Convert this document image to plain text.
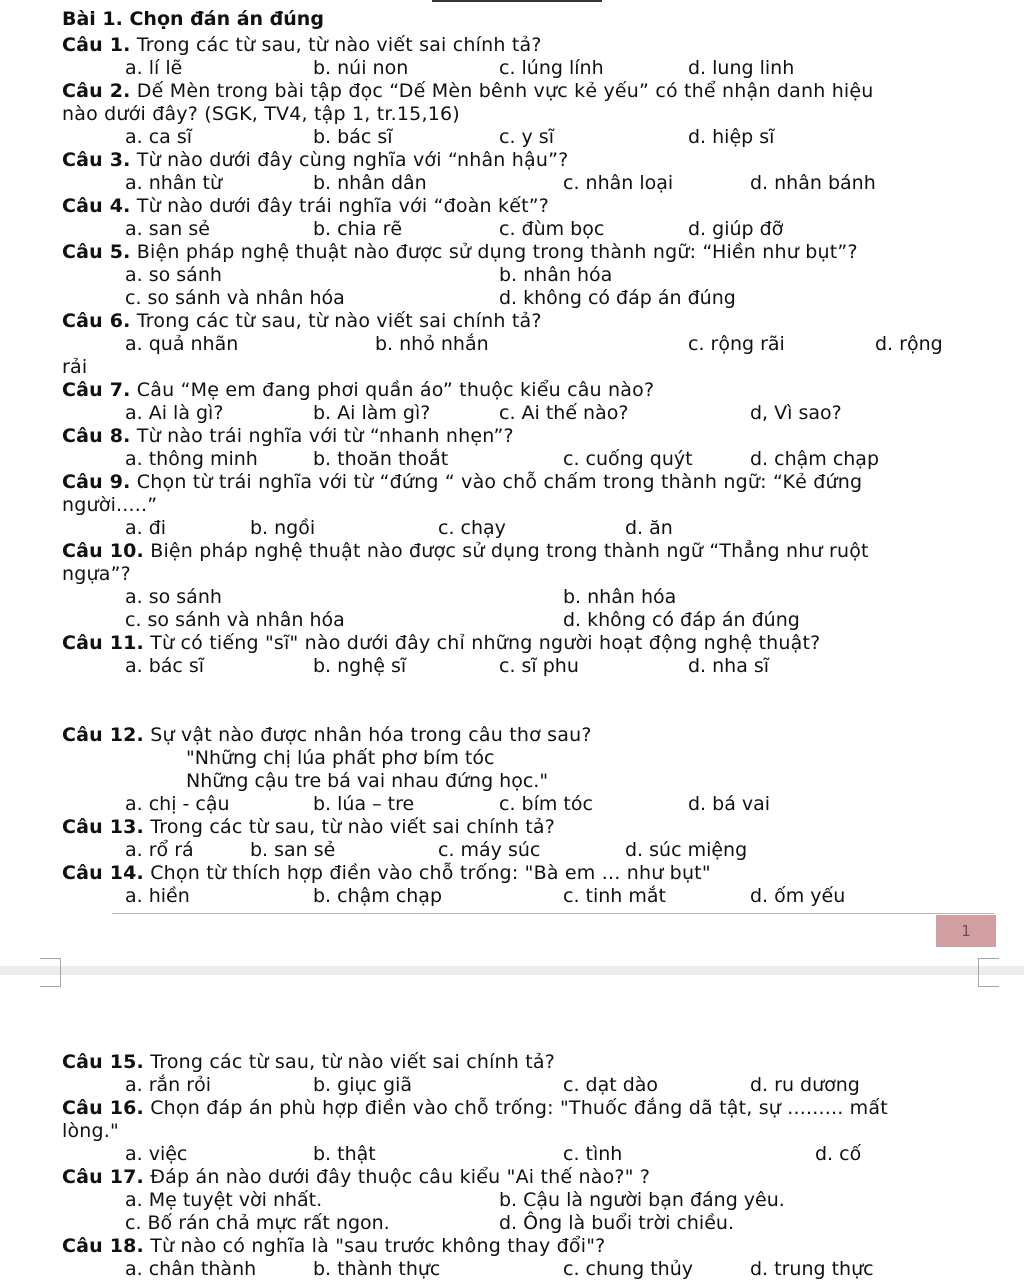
Bài 1. Chọn đán án đúng
Câu 1. Trong các từ sau, từ nào viết sai chính tả?
a. lí lẽ	b. núi non	c. lúng lính	d. lung linh
Câu 2. Dế Mèn trong bài tập đọc “Dế Mèn bênh vực kẻ yếu” có thể nhận danh hiệu
nào dưới đây? (SGK, TV4, tập 1, tr.15,16)
a. ca sĩ	b. bác sĩ	c. y sĩ	d. hiệp sĩ
Câu 3. Từ nào dưới đây cùng nghĩa với “nhân hậu”?
a. nhân từ	b. nhân dân	c. nhân loại	d. nhân bánh
Câu 4. Từ nào dưới đây trái nghĩa với “đoàn kết”?
a. san sẻ	b. chia rẽ	c. đùm bọc	d. giúp đỡ
Câu 5. Biện pháp nghệ thuật nào được sử dụng trong thành ngữ: “Hiền như bụt”?
a. so sánh	b. nhân hóa
c. so sánh và nhân hóa	d. không có đáp án đúng
Câu 6. Trong các từ sau, từ nào viết sai chính tả?
rải
a. quả nhãn	b. nhỏ nhắn	c. rộng rãi	d. rộng
Câu 7. Câu “Mẹ em đang phơi quần áo” thuộc kiểu câu nào?
a. Ai là gì?	b. Ai làm gì?	c. Ai thế nào?	d, Vì sao?
Câu 8. Từ nào trái nghĩa với từ “nhanh nhẹn”?
a. thông minh	b. thoăn thoắt	c. cuống quýt	d. chậm chạp
Câu 9. Chọn từ trái nghĩa với từ “đứng “ vào chỗ chấm trong thành ngữ: “Kẻ đứng
người.....”
a. đi	b. ngồi	c. chạy	d. ăn
Câu 10. Biện pháp nghệ thuật nào được sử dụng trong thành ngữ “Thẳng như ruột
ngựa”?
a. so sánh	b. nhân hóa
c. so sánh và nhân hóa	d. không có đáp án đúng
Câu 11. Từ có tiếng "sĩ" nào dưới đây chỉ những người hoạt động nghệ thuật?
a. bác sĩ	b. nghệ sĩ	c. sĩ phu	d. nha sĩ
Câu 12. Sự vật nào được nhân hóa trong câu thơ sau?
"Những chị lúa phất phơ bím tóc
Những cậu tre bá vai nhau đứng học."
a. chị - cậu	b. lúa – tre	c. bím tóc	d. bá vai
Câu 13. Trong các từ sau, từ nào viết sai chính tả?
a. rổ rá	b. san sẻ	c. máy súc	d. súc miệng
Câu 14. Chọn từ thích hợp điền vào chỗ trống: "Bà em ... như bụt"
a. hiền	b. chậm chạp	c. tinh mắt	d. ốm yếu
Câu 15. Trong các từ sau, từ nào viết sai chính tả?
a. rắn rỏi	b. giục giã	c. dạt dào	d. ru dương
Câu 16. Chọn đáp án phù hợp điền vào chỗ trống: "Thuốc đắng dã tật, sự ......... mất
lòng."
a. việc	b. thật	c. tình	d. cố
Câu 17. Đáp án nào dưới đây thuộc câu kiểu "Ai thế nào?" ?
a. Mẹ tuyệt vời nhất.	b. Cậu là người bạn đáng yêu.
c. Bố rán chả mực rất ngon.	d. Ông là buổi trời chiều.
Câu 18. Từ nào có nghĩa là "sau trước không thay đổi"?
a. chân thành	b. thành thực	c. chung thủy	d. trung thực
1
